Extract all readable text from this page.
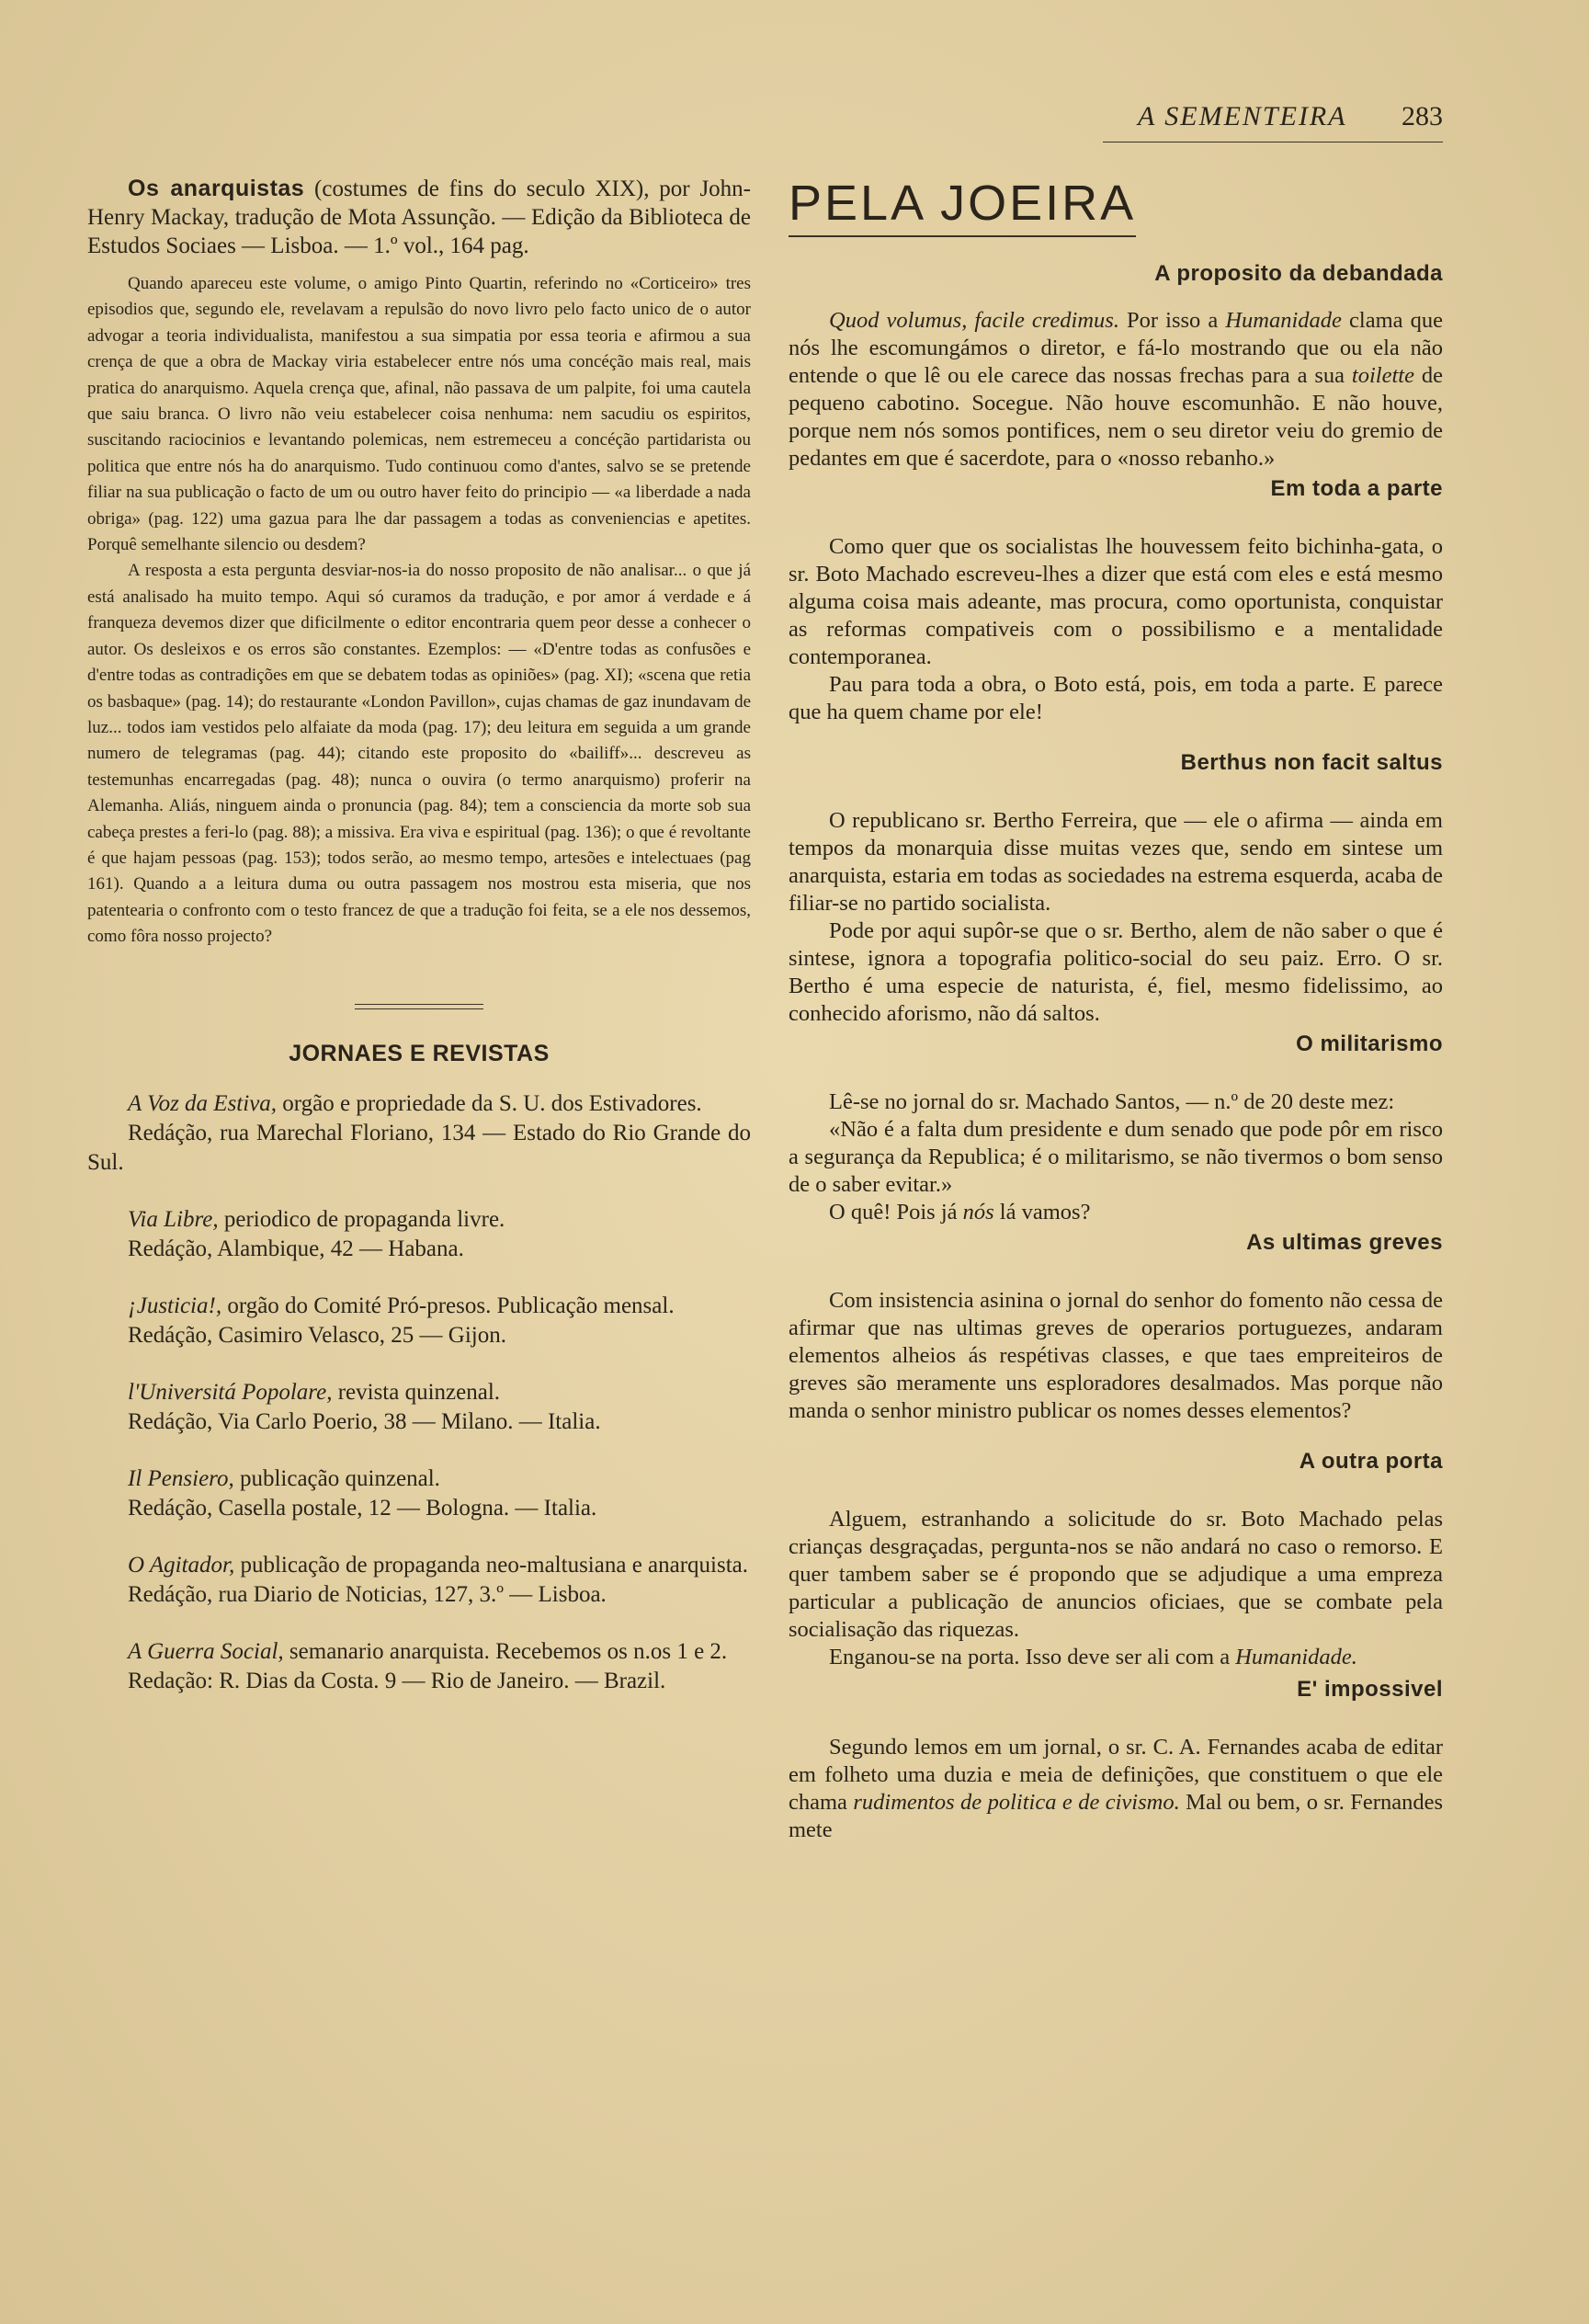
A SEMENTEIRA 283

Os anarquistas (costumes de fins do seculo XIX), por John-Henry Mackay, tradução de Mota Assunção. — Edição da Biblioteca de Estudos Sociaes — Lisboa. — 1.º vol., 164 pag.

Quando apareceu este volume, o amigo Pinto Quartin, referindo no «Corticeiro» tres episodios que, segundo ele, revelavam a repulsão do novo livro pelo facto unico de o autor advogar a teoria individualista, manifestou a sua simpatia por essa teoria e afirmou a sua crença de que a obra de Mackay viria estabelecer entre nós uma concéção mais real, mais pratica do anarquismo. Aquela crença que, afinal, não passava de um palpite, foi uma cautela que saiu branca. O livro não veiu estabelecer coisa nenhuma: nem sacudiu os espiritos, suscitando raciocinios e levantando polemicas, nem estremeceu a concéção partidarista ou politica que entre nós ha do anarquismo. Tudo continuou como d'antes, salvo se se pretende filiar na sua publicação o facto de um ou outro haver feito do principio — «a liberdade a nada obriga» (pag. 122) uma gazua para lhe dar passagem a todas as conveniencias e apetites. Porquê semelhante silencio ou desdem?

A resposta a esta pergunta desviar-nos-ia do nosso proposito de não analisar... o que já está analisado ha muito tempo. Aqui só curamos da tradução, e por amor á verdade e á franqueza devemos dizer que dificilmente o editor encontraria quem peor desse a conhecer o autor. Os desleixos e os erros são constantes. Ezemplos: — «D'entre todas as confusões e d'entre todas as contradições em que se debatem todas as opiniões» (pag. XI); «scena que retia os basbaque» (pag. 14); do restaurante «London Pavillon», cujas chamas de gaz inundavam de luz... todos iam vestidos pelo alfaiate da moda (pag. 17); deu leitura em seguida a um grande numero de telegramas (pag. 44); citando este proposito do «bailiff»... descreveu as testemunhas encarregadas (pag. 48); nunca o ouvira (o termo anarquismo) proferir na Alemanha. Aliás, ninguem ainda o pronuncia (pag. 84); tem a consciencia da morte sob sua cabeça prestes a feri-lo (pag. 88); a missiva. Era viva e espiritual (pag. 136); o que é revoltante é que hajam pessoas (pag. 153); todos serão, ao mesmo tempo, artesões e intelectuaes (pag 161). Quando a a leitura duma ou outra passagem nos mostrou esta miseria, que nos patentearia o confronto com o testo francez de que a tradução foi feita, se a ele nos dessemos, como fôra nosso projecto?

JORNAES E REVISTAS

A Voz da Estiva, orgão e propriedade da S. U. dos Estivadores.

Redáção, rua Marechal Floriano, 134 — Estado do Rio Grande do Sul.

Via Libre, periodico de propaganda livre.

Redáção, Alambique, 42 — Habana.

¡Justicia!, orgão do Comité Pró-presos. Publicação mensal.

Redáção, Casimiro Velasco, 25 — Gijon.

l'Universitá Popolare, revista quinzenal.

Redáção, Via Carlo Poerio, 38 — Milano. — Italia.

Il Pensiero, publicação quinzenal.

Redáção, Casella postale, 12 — Bologna. — Italia.

O Agitador, publicação de propaganda neo-maltusiana e anarquista.

Redáção, rua Diario de Noticias, 127, 3.º — Lisboa.

A Guerra Social, semanario anarquista. Recebemos os n.os 1 e 2.

Redação: R. Dias da Costa. 9 — Rio de Janeiro. — Brazil.

PELA JOEIRA

A proposito da debandada

Quod volumus, facile credimus. Por isso a Humanidade clama que nós lhe escomungámos o diretor, e fá-lo mostrando que ou ela não entende o que lê ou ele carece das nossas frechas para a sua toilette de pequeno cabotino. Socegue. Não houve escomunhão. E não houve, porque nem nós somos pontifices, nem o seu diretor veiu do gremio de pedantes em que é sacerdote, para o «nosso rebanho.»

Em toda a parte

Como quer que os socialistas lhe houvessem feito bichinha-gata, o sr. Boto Machado escreveu-lhes a dizer que está com eles e está mesmo alguma coisa mais adeante, mas procura, como oportunista, conquistar as reformas compativeis com o possibilismo e a mentalidade contemporanea.

Pau para toda a obra, o Boto está, pois, em toda a parte. E parece que ha quem chame por ele!

Berthus non facit saltus

O republicano sr. Bertho Ferreira, que — ele o afirma — ainda em tempos da monarquia disse muitas vezes que, sendo em sintese um anarquista, estaria em todas as sociedades na estrema esquerda, acaba de filiar-se no partido socialista.

Pode por aqui supôr-se que o sr. Bertho, alem de não saber o que é sintese, ignora a topografia politico-social do seu paiz. Erro. O sr. Bertho é uma especie de naturista, é, fiel, mesmo fidelissimo, ao conhecido aforismo, não dá saltos.

O militarismo

Lê-se no jornal do sr. Machado Santos, — n.º de 20 deste mez:

«Não é a falta dum presidente e dum senado que pode pôr em risco a segurança da Republica; é o militarismo, se não tivermos o bom senso de o saber evitar.»

O quê! Pois já nós lá vamos?

As ultimas greves

Com insistencia asinina o jornal do senhor do fomento não cessa de afirmar que nas ultimas greves de operarios portuguezes, andaram elementos alheios ás respétivas classes, e que taes empreiteiros de greves são meramente uns esploradores desalmados. Mas porque não manda o senhor ministro publicar os nomes desses elementos?

A outra porta

Alguem, estranhando a solicitude do sr. Boto Machado pelas crianças desgraçadas, pergunta-nos se não andará no caso o remorso. E quer tambem saber se é propondo que se adjudique a uma empreza particular a publicação de anuncios oficiaes, que se combate pela socialisação das riquezas.

Enganou-se na porta. Isso deve ser ali com a Humanidade.

E' impossivel

Segundo lemos em um jornal, o sr. C. A. Fernandes acaba de editar em folheto uma duzia e meia de definições, que constituem o que ele chama rudimentos de politica e de civismo. Mal ou bem, o sr. Fernandes mete
